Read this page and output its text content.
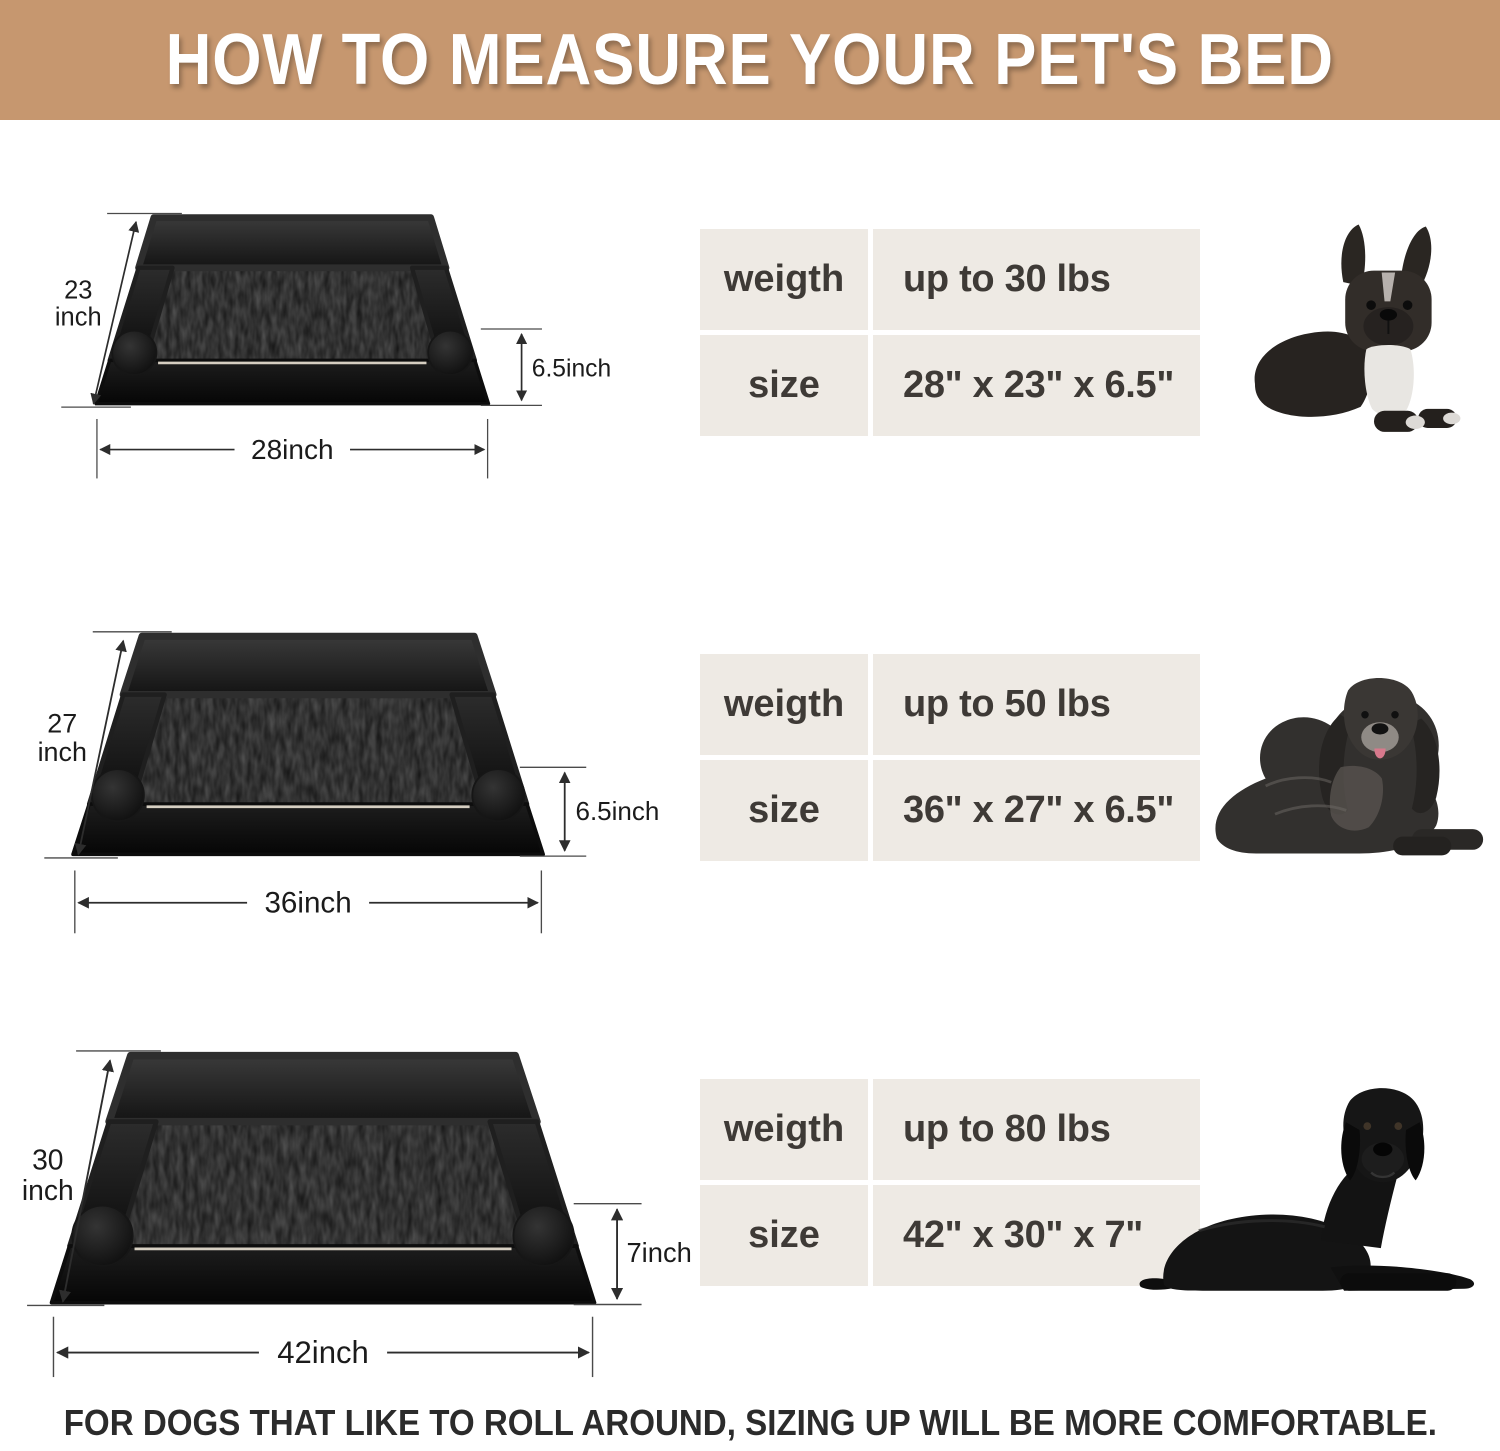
HOW TO MEASURE YOUR PET'S BED
23
inch
28inch
6.5inch
weigth	up to 30 lbs
size	28" x 23" x 6.5"
27
inch
36inch
6.5inch
weigth	up to 50 lbs
size	36" x 27" x 6.5"
30
inch
42inch
7inch
weigth	up to 80 lbs
size	42" x 30" x 7"

FOR DOGS THAT LIKE TO ROLL AROUND, SIZING UP WILL BE MORE COMFORTABLE.
